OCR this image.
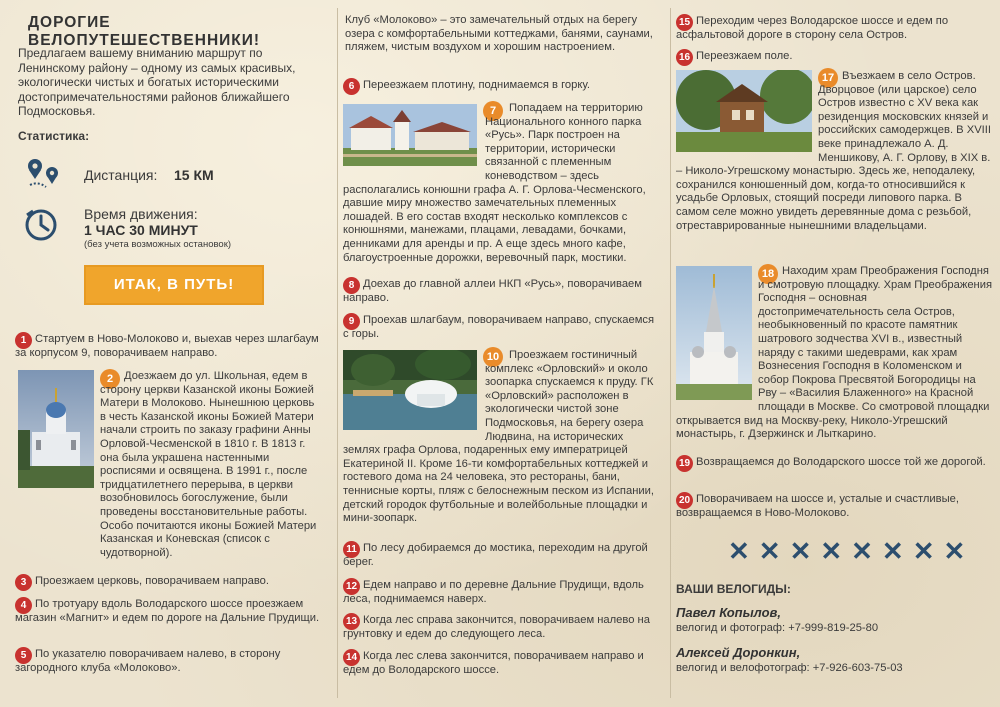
ДОРОГИЕ ВЕЛОПУТЕШЕСТВЕННИКИ!

Предлагаем вашему вниманию маршрут по Ленинскому району – одному из самых красивых, экологически чистых и богатых историческими достопримечательностями районов ближайшего Подмосковья.

Статистика:
Дистанция: 15 КМ
Время движения:
1 ЧАС 30 МИНУТ
(без учета возможных остановок)
ИТАК, В ПУТЬ!
1 Стартуем в Ново-Молоково и, выехав через шлагбаум за корпусом 9, поворачиваем направо.

2 Доезжаем до ул. Школьная, едем в сторону церкви Казанской иконы Божией Матери в Молоково. Нынешнюю церковь в честь Казанской иконы Божией Матери начали строить по заказу графини Анны Орловой-Чесменской в 1810 г. В 1813 г. она была украшена настенными росписями и освящена. В 1991 г., после тридцатилетнего перерыва, в церкви возобновилось богослужение, были проведены восстановительные работы. Особо почитаются иконы Божией Матери Казанская и Коневская (список с чудотворной).

3 Проезжаем церковь, поворачиваем направо.

4 По тротуару вдоль Володарского шоссе проезжаем магазин «Магнит» и едем по дороге на Дальние Прудищи.

5 По указателю поворачиваем налево, в сторону загородного клуба «Молоково».

Клуб «Молоково» – это замечательный отдых на берегу озера с комфортабельными коттеджами, банями, саунами, пляжем, чистым воздухом и хорошим настроением.

6 Переезжаем плотину, поднимаемся в горку.

7	Попадаем на территорию Национального конного парка «Русь». Парк построен на территории, исторически связанной с племенным коневодством – здесь располагались конюшни графа А. Г. Орлова-Чесменского, давшие миру множество замечательных племенных лошадей. В его состав входят несколько комплексов с конюшнями, манежами, плацами, левадами, бочками, денниками для аренды и пр. А еще здесь много кафе, благоустроенные дорожки, веревочный парк, мостики.

8 Доехав до главной аллеи НКП «Русь», поворачиваем направо.

9 Проехав шлагбаум, поворачиваем направо, спускаемся с горы.

10 Проезжаем гостиничный комплекс «Орловский» и около зоопарка спускаемся к пруду. ГК «Орловский» расположен в экологически чистой зоне Подмосковья, на берегу озера Людвина, на исторических землях графа Орлова, подаренных ему императрицей Екатериной II. Кроме 16-ти комфортабельных коттеджей и гостевого дома на 24 человека, это рестораны, бани, теннисные корты, пляж с белоснежным песком из Испании, детский городок футбольные и волейбольные площадки и мини-зоопарк.

11 По лесу добираемся до мостика, переходим на другой берег.

12 Едем направо и по деревне Дальние Прудищи, вдоль леса, поднимаемся наверх.

13 Когда лес справа закончится, поворачиваем налево на грунтовку и едем до следующего леса.

14 Когда лес слева закончится, поворачиваем направо и едем до Володарского шоссе.

15 Переходим через Володарское шоссе и едем по асфальтовой дороге в сторону села Остров.

16 Переезжаем поле.

17 Въезжаем в село Остров. Дворцовое (или царское) село Остров известно с XV века как резиденция московских князей и российских самодержцев. В XVIII веке принадлежало А. Д. Меншикову, А. Г. Орлову, в XIX в. – Николо-Угрешскому монастырю. Здесь же, неподалеку, сохранился конюшенный дом, когда-то относившийся к усадьбе Орловых, стоящий посреди липового парка. В самом селе можно увидеть деревянные дома с резьбой, отреставрированные нынешними владельцами.

18 Находим храм Преображения Господня и смотровую площадку. Храм Преображения Господня – основная достопримечательность села Остров, необыкновенный по красоте памятник шатрового зодчества XVI в., известный наряду с такими шедеврами, как храм Вознесения Господня в Коломенском и собор Покрова Пресвятой Богородицы на Рву – «Василия Блаженного» на Красной площади в Москве. Со смотровой площадки открывается вид на Москву-реку, Николо-Угрешский монастырь, г. Дзержинск и Лыткарино.

19 Возвращаемся до Володарского шоссе той же дорогой.

20 Поворачиваем на шоссе и, усталые и счастливые, возвращаемся в Ново-Молоково.

✕✕✕✕✕✕✕✕
ВАШИ ВЕЛОГИДЫ:
Павел Копылов,
велогид и фотограф: +7-999-819-25-80
Алексей Доронкин,
велогид и велофотограф: +7-926-603-75-03
